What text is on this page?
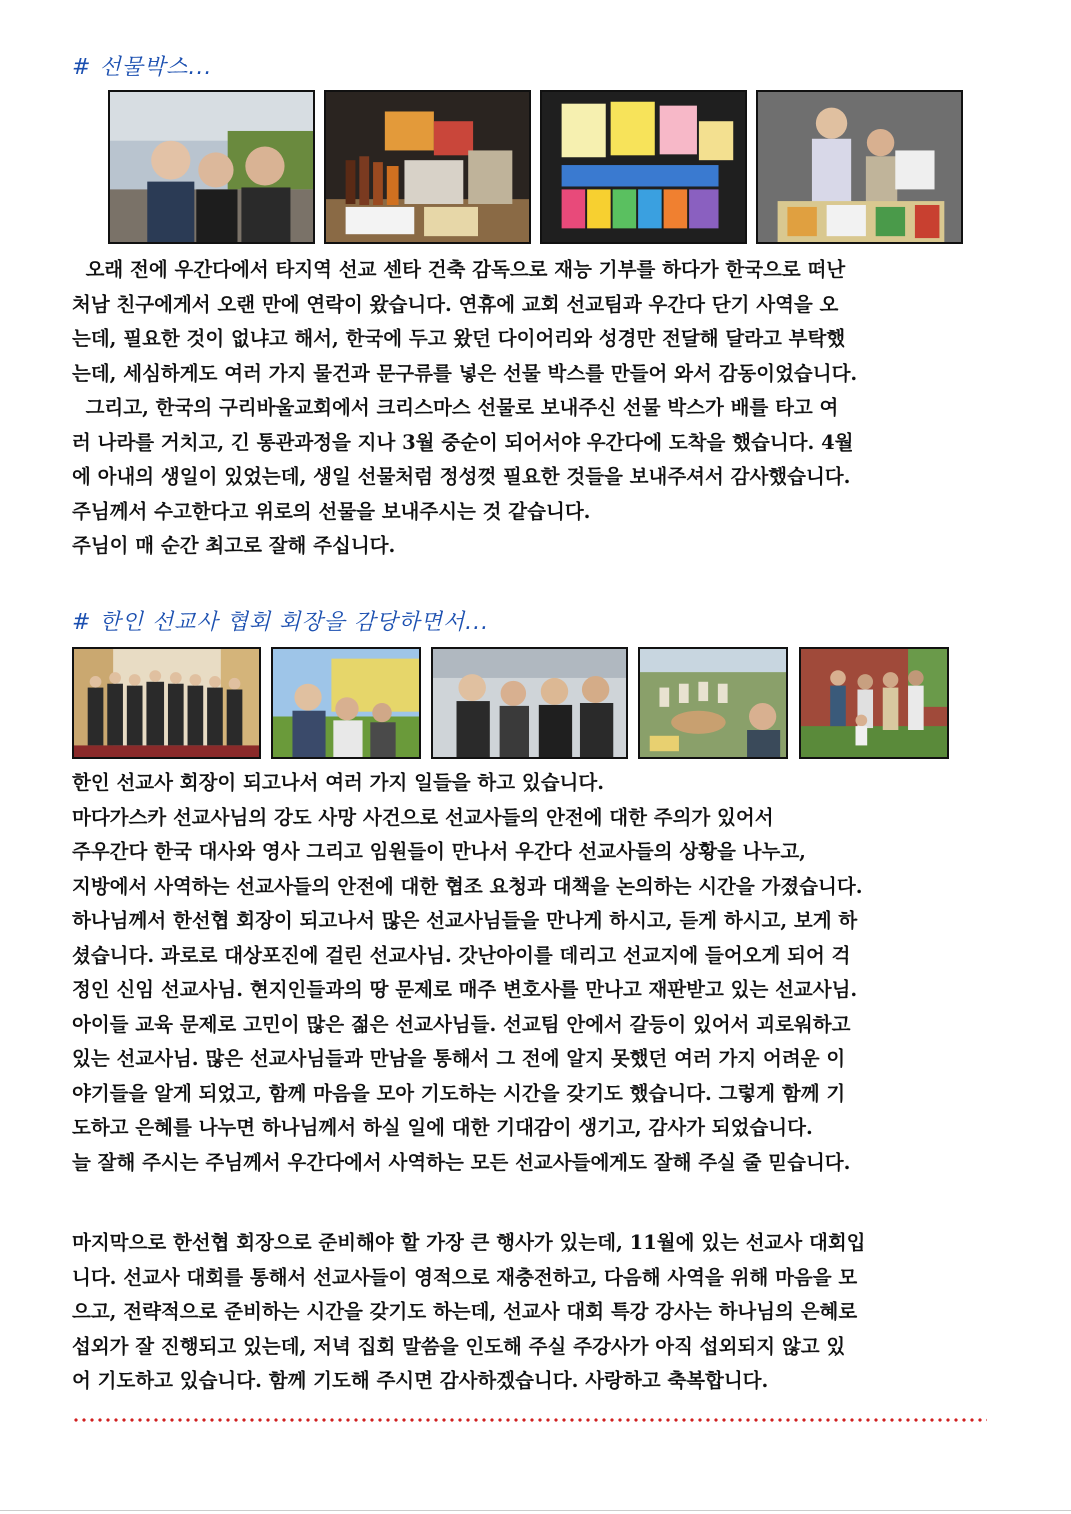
# 선물박스...
오래 전에 우간다에서 타지역 선교 센타 건축 감독으로 재능 기부를 하다가 한국으로 떠난
처남 친구에게서 오랜 만에 연락이 왔습니다. 연휴에 교회 선교팀과 우간다 단기 사역을 오
는데, 필요한 것이 없냐고 해서, 한국에 두고 왔던 다이어리와 성경만 전달해 달라고 부탁했
는데, 세심하게도 여러 가지 물건과 문구류를 넣은 선물 박스를 만들어 와서 감동이었습니다.
그리고, 한국의 구리바울교회에서 크리스마스 선물로 보내주신 선물 박스가 배를 타고 여
러 나라를 거치고, 긴 통관과정을 지나 3월 중순이 되어서야 우간다에 도착을 했습니다. 4월
에 아내의 생일이 있었는데, 생일 선물처럼 정성껏 필요한 것들을 보내주셔서 감사했습니다.
주님께서 수고한다고 위로의 선물을 보내주시는 것 같습니다.
주님이 매 순간 최고로 잘해 주십니다.
# 한인 선교사 협회 회장을 감당하면서...
한인 선교사 회장이 되고나서 여러 가지 일들을 하고 있습니다.
마다가스카 선교사님의 강도 사망 사건으로 선교사들의 안전에 대한 주의가 있어서
주우간다 한국 대사와 영사 그리고 임원들이 만나서 우간다 선교사들의 상황을 나누고,
지방에서 사역하는 선교사들의 안전에 대한 협조 요청과 대책을 논의하는 시간을 가졌습니다.
하나님께서 한선협 회장이 되고나서 많은 선교사님들을 만나게 하시고, 듣게 하시고, 보게 하
셨습니다. 과로로 대상포진에 걸린 선교사님. 갓난아이를 데리고 선교지에 들어오게 되어 걱
정인 신임 선교사님. 현지인들과의 땅 문제로 매주 변호사를 만나고 재판받고 있는 선교사님.
아이들 교육 문제로 고민이 많은 젊은 선교사님들. 선교팀 안에서 갈등이 있어서 괴로워하고
있는 선교사님. 많은 선교사님들과 만남을 통해서 그 전에 알지 못했던 여러 가지 어려운 이
야기들을 알게 되었고, 함께 마음을 모아 기도하는 시간을 갖기도 했습니다. 그렇게 함께 기
도하고 은혜를 나누면 하나님께서 하실 일에 대한 기대감이 생기고, 감사가 되었습니다.
늘 잘해 주시는 주님께서 우간다에서 사역하는 모든 선교사들에게도 잘해 주실 줄 믿습니다.
마지막으로 한선협 회장으로 준비해야 할 가장 큰 행사가 있는데, 11월에 있는 선교사 대회입
니다. 선교사 대회를 통해서 선교사들이 영적으로 재충전하고, 다음해 사역을 위해 마음을 모
으고, 전략적으로 준비하는 시간을 갖기도 하는데, 선교사 대회 특강 강사는 하나님의 은혜로
섭외가 잘 진행되고 있는데, 저녁 집회 말씀을 인도해 주실 주강사가 아직 섭외되지 않고 있
어 기도하고 있습니다. 함께 기도해 주시면 감사하겠습니다. 사랑하고 축복합니다.
